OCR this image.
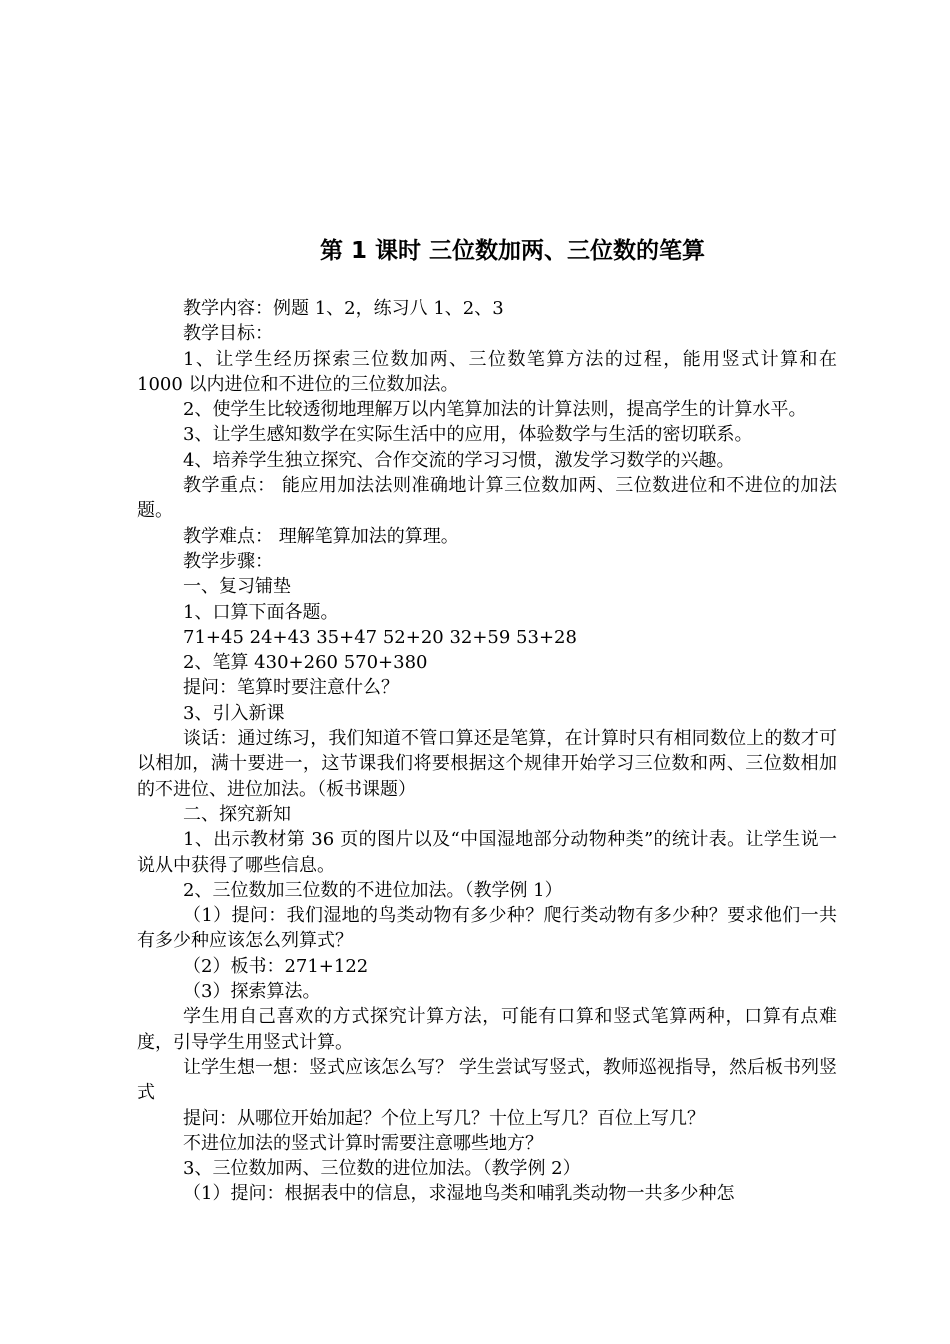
第 1 课时 三位数加两、三位数的笔算

教学内容：例题 1、2，练习八 1、2、3

教学目标：

1、让学生经历探索三位数加两、三位数笔算方法的过程，能用竖式计算和在 1000 以内进位和不进位的三位数加法。

2、使学生比较透彻地理解万以内笔算加法的计算法则，提高学生的计算水平。

3、让学生感知数学在实际生活中的应用，体验数学与生活的密切联系。

4、培养学生独立探究、合作交流的学习习惯，激发学习数学的兴趣。

教学重点： 能应用加法法则准确地计算三位数加两、三位数进位和不进位的加法题。

教学难点： 理解笔算加法的算理。

教学步骤：

一、复习铺垫

1、口算下面各题。

71+45 24+43 35+47 52+20 32+59 53+28

2、笔算 430+260 570+380

提问：笔算时要注意什么？

3、引入新课

谈话：通过练习，我们知道不管口算还是笔算，在计算时只有相同数位上的数才可以相加，满十要进一，这节课我们将要根据这个规律开始学习三位数和两、三位数相加的不进位、进位加法。（板书课题）

二、探究新知

1、出示教材第 36 页的图片以及“中国湿地部分动物种类”的统计表。让学生说一说从中获得了哪些信息。

2、三位数加三位数的不进位加法。（教学例 1）

（1）提问：我们湿地的鸟类动物有多少种？爬行类动物有多少种？要求他们一共有多少种应该怎么列算式？

（2）板书：271+122

（3）探索算法。

学生用自己喜欢的方式探究计算方法，可能有口算和竖式笔算两种，口算有点难度，引导学生用竖式计算。

让学生想一想：竖式应该怎么写？ 学生尝试写竖式，教师巡视指导，然后板书列竖式

提问：从哪位开始加起？个位上写几？十位上写几？百位上写几？

不进位加法的竖式计算时需要注意哪些地方？

3、三位数加两、三位数的进位加法。（教学例 2）

（1）提问：根据表中的信息，求湿地鸟类和哺乳类动物一共多少种怎
